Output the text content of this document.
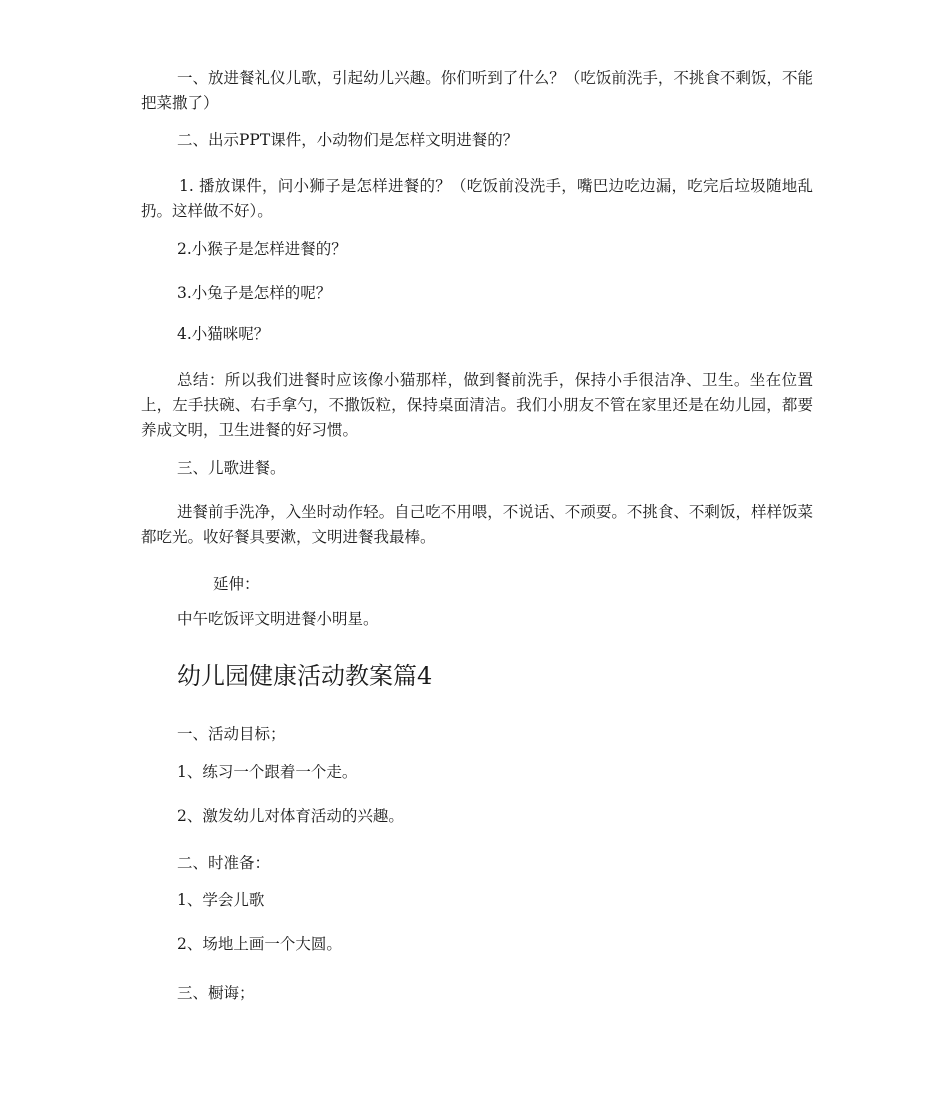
一、放进餐礼仪儿歌，引起幼儿兴趣。你们听到了什么？（吃饭前洗手，不挑食不剩饭，不能把菜撒了）

二、出示PPT课件，小动物们是怎样文明进餐的？

1. 播放课件，问小狮子是怎样进餐的？（吃饭前没洗手，嘴巴边吃边漏，吃完后垃圾随地乱扔。这样做不好）。

2.小猴子是怎样进餐的？

3.小兔子是怎样的呢？

4.小猫咪呢？

总结：所以我们进餐时应该像小猫那样，做到餐前洗手，保持小手很洁净、卫生。坐在位置上，左手扶碗、右手拿勺，不撒饭粒，保持桌面清洁。我们小朋友不管在家里还是在幼儿园，都要养成文明，卫生进餐的好习惯。

三、儿歌进餐。

进餐前手洗净，入坐时动作轻。自己吃不用喂，不说话、不顽耍。不挑食、不剩饭，样样饭菜都吃光。收好餐具要漱，文明进餐我最棒。

延伸：

中午吃饭评文明进餐小明星。

幼儿园健康活动教案篇4

一、活动目标；

1、练习一个跟着一个走。

2、激发幼儿对体育活动的兴趣。

二、时准备：

1、学会儿歌

2、场地上画一个大圆。

三、橱诲；
